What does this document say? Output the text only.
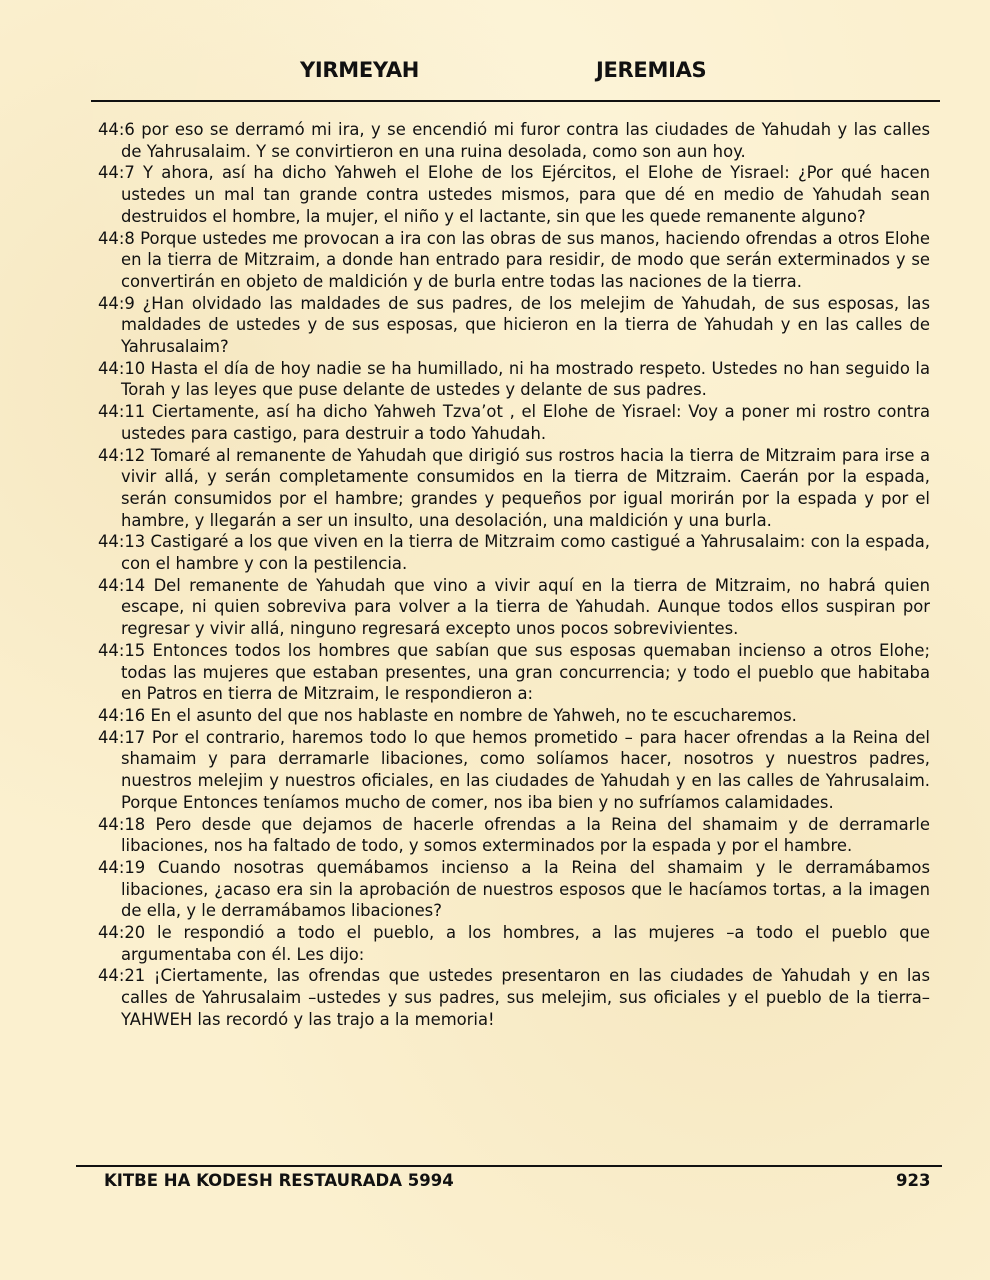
YIRMEYAH	JEREMIAS

44:6 por eso se derramó mi ira, y se encendió mi furor contra las ciudades de Yahudah y las calles de Yahrusalaim. Y se convirtieron en una ruina desolada, como son aun hoy.

44:7 Y ahora, así ha dicho Yahweh el Elohe de los Ejércitos, el Elohe de Yisrael: ¿Por qué hacen ustedes un mal tan grande contra ustedes mismos, para que dé en medio de Yahudah sean destruidos el hombre, la mujer, el niño y el lactante, sin que les quede remanente alguno?

44:8 Porque ustedes me provocan a ira con las obras de sus manos, haciendo ofrendas a otros Elohe en la tierra de Mitzraim, a donde han entrado para residir, de modo que serán exterminados y se convertirán en objeto de maldición y de burla entre todas las naciones de la tierra.

44:9 ¿Han olvidado las maldades de sus padres, de los melejim de Yahudah, de sus esposas, las maldades de ustedes y de sus esposas, que hicieron en la tierra de Yahudah y en las calles de Yahrusalaim?

44:10 Hasta el día de hoy nadie se ha humillado, ni ha mostrado respeto. Ustedes no han seguido la Torah y las leyes que puse delante de ustedes y delante de sus padres.

44:11 Ciertamente, así ha dicho Yahweh Tzva’ot , el Elohe de Yisrael: Voy a poner mi rostro contra ustedes para castigo, para destruir a todo Yahudah.

44:12 Tomaré al remanente de Yahudah que dirigió sus rostros hacia la tierra de Mitzraim para irse a vivir allá, y serán completamente consumidos en la tierra de Mitzraim. Caerán por la espada, serán consumidos por el hambre; grandes y pequeños por igual morirán por la espada y por el hambre, y llegarán a ser un insulto, una desolación, una maldición y una burla.

44:13 Castigaré a los que viven en la tierra de Mitzraim como castigué a Yahrusalaim: con la espada, con el hambre y con la pestilencia.

44:14 Del remanente de Yahudah que vino a vivir aquí en la tierra de Mitzraim, no habrá quien escape, ni quien sobreviva para volver a la tierra de Yahudah. Aunque todos ellos suspiran por regresar y vivir allá, ninguno regresará excepto unos pocos sobrevivientes.

44:15 Entonces todos los hombres que sabían que sus esposas quemaban incienso a otros Elohe; todas las mujeres que estaban presentes, una gran concurrencia; y todo el pueblo que habitaba en Patros en tierra de Mitzraim, le respondieron a:

44:16 En el asunto del que nos hablaste en nombre de Yahweh, no te escucharemos.

44:17 Por el contrario, haremos todo lo que hemos prometido – para hacer ofrendas a la Reina del shamaim y para derramarle libaciones, como solíamos hacer, nosotros y nuestros padres, nuestros melejim y nuestros oficiales, en las ciudades de Yahudah y en las calles de Yahrusalaim. Porque Entonces teníamos mucho de comer, nos iba bien y no sufríamos calamidades.

44:18 Pero desde que dejamos de hacerle ofrendas a la Reina del shamaim y de derramarle libaciones, nos ha faltado de todo, y somos exterminados por la espada y por el hambre.

44:19 Cuando nosotras quemábamos incienso a la Reina del shamaim y le derramábamos libaciones, ¿acaso era sin la aprobación de nuestros esposos que le hacíamos tortas, a la imagen de ella, y le derramábamos libaciones?

44:20 le respondió a todo el pueblo, a los hombres, a las mujeres –a todo el pueblo que argumentaba con él. Les dijo:

44:21 ¡Ciertamente, las ofrendas que ustedes presentaron en las ciudades de Yahudah y en las calles de Yahrusalaim –ustedes y sus padres, sus melejim, sus oficiales y el pueblo de la tierra– YAHWEH las recordó y las trajo a la memoria!

KITBE HA KODESH RESTAURADA 5994	923
